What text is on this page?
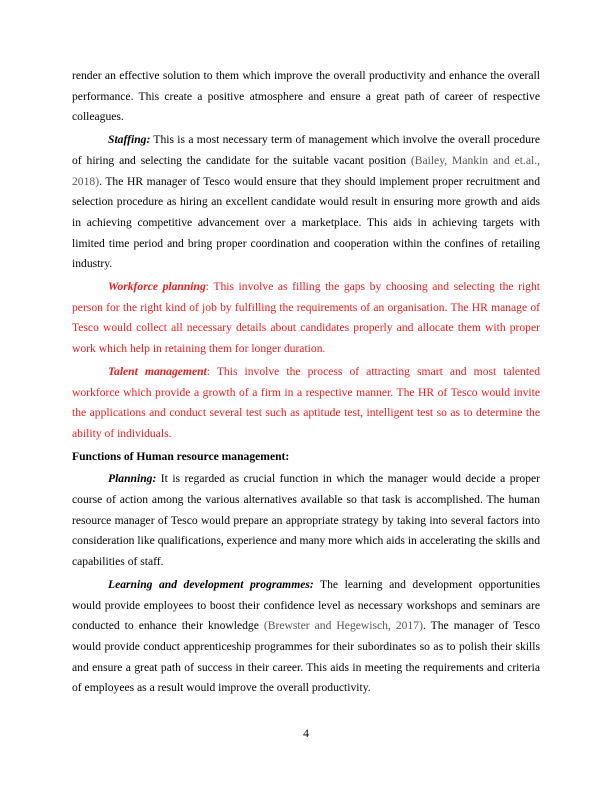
render an effective solution to them which improve the overall productivity and enhance the overall performance. This create a positive atmosphere and ensure a great path of career of respective colleagues.

Staffing: This is a most necessary term of management which involve the overall procedure of hiring and selecting the candidate for the suitable vacant position (Bailey, Mankin and et.al., 2018). The HR manager of Tesco would ensure that they should implement proper recruitment and selection procedure as hiring an excellent candidate would result in ensuring more growth and aids in achieving competitive advancement over a marketplace. This aids in achieving targets with limited time period and bring proper coordination and cooperation within the confines of retailing industry.

Workforce planning: This involve as filling the gaps by choosing and selecting the right person for the right kind of job by fulfilling the requirements of an organisation. The HR manage of Tesco would collect all necessary details about candidates properly and allocate them with proper work which help in retaining them for longer duration.

Talent management: This involve the process of attracting smart and most talented workforce which provide a growth of a firm in a respective manner. The HR of Tesco would invite the applications and conduct several test such as aptitude test, intelligent test so as to determine the ability of individuals.

Functions of Human resource management:

Planning: It is regarded as crucial function in which the manager would decide a proper course of action among the various alternatives available so that task is accomplished. The human resource manager of Tesco would prepare an appropriate strategy by taking into several factors into consideration like qualifications, experience and many more which aids in accelerating the skills and capabilities of staff.

Learning and development programmes: The learning and development opportunities would provide employees to boost their confidence level as necessary workshops and seminars are conducted to enhance their knowledge (Brewster and Hegewisch, 2017). The manager of Tesco would provide conduct apprenticeship programmes for their subordinates so as to polish their skills and ensure a great path of success in their career. This aids in meeting the requirements and criteria of employees as a result would improve the overall productivity.

4
